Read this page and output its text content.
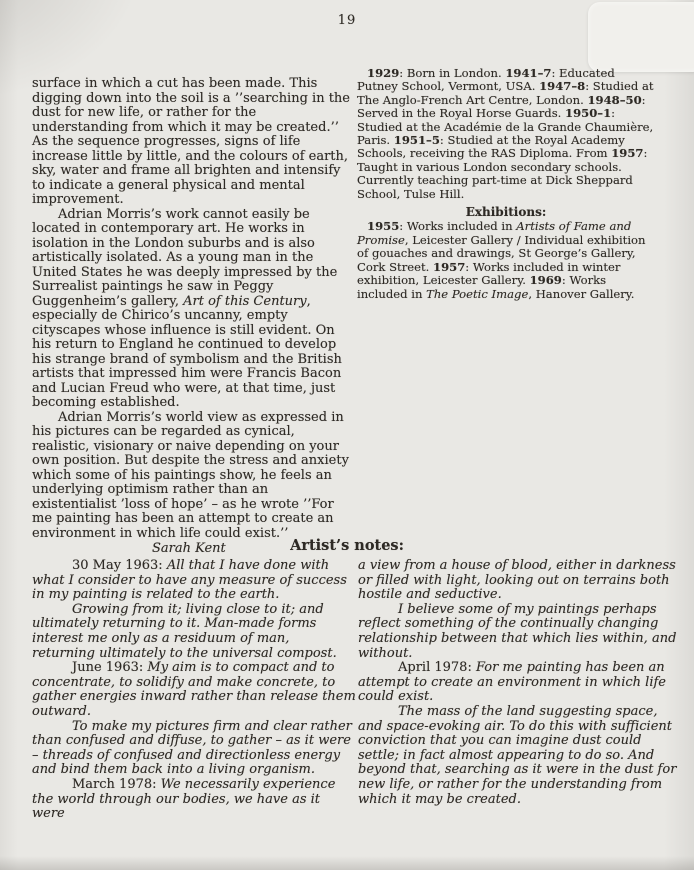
19

surface in which a cut has been made. This digging down into the soil is a ’’searching in the dust for new life, or rather for the understanding from which it may be created.’’ As the sequence progresses, signs of life increase little by little, and the colours of earth, sky, water and frame all brighten and intensify to indicate a general physical and mental improvement.

Adrian Morris’s work cannot easily be located in contemporary art. He works in isolation in the London suburbs and is also artistically isolated. As a young man in the United States he was deeply impressed by the Surrealist paintings he saw in Peggy Guggenheim’s gallery, Art of this Century, especially de Chirico’s uncanny, empty cityscapes whose influence is still evident. On his return to England he continued to develop his strange brand of symbolism and the British artists that impressed him were Francis Bacon and Lucian Freud who were, at that time, just becoming established.

Adrian Morris’s world view as expressed in his pictures can be regarded as cynical, realistic, visionary or naive depending on your own position. But despite the stress and anxiety which some of his paintings show, he feels an underlying optimism rather than an existentialist ’loss of hope’ – as he wrote ’’For me painting has been an attempt to create an environment in which life could exist.’’

Sarah Kent

1929: Born in London. 1941–7: Educated Putney School, Vermont, USA. 1947–8: Studied at The Anglo-French Art Centre, London. 1948–50: Served in the Royal Horse Guards. 1950–1: Studied at the Académie de la Grande Chaumière, Paris. 1951–5: Studied at the Royal Academy Schools, receiving the RAS Diploma. From 1957: Taught in various London secondary schools. Currently teaching part-time at Dick Sheppard School, Tulse Hill.

Exhibitions:

1955: Works included in Artists of Fame and Promise, Leicester Gallery / Individual exhibition of gouaches and drawings, St George’s Gallery, Cork Street. 1957: Works included in winter exhibition, Leicester Gallery. 1969: Works included in The Poetic Image, Hanover Gallery.

Artist’s notes:

30 May 1963: All that I have done with what I consider to have any measure of success in my painting is related to the earth.

Growing from it; living close to it; and ultimately returning to it. Man-made forms interest me only as a residuum of man, returning ultimately to the universal compost.

June 1963: My aim is to compact and to concentrate, to solidify and make concrete, to gather energies inward rather than release them outward.

To make my pictures firm and clear rather than confused and diffuse, to gather – as it were – threads of confused and directionless energy and bind them back into a living organism.

March 1978: We necessarily experience the world through our bodies, we have as it were

a view from a house of blood, either in darkness or filled with light, looking out on terrains both hostile and seductive.

I believe some of my paintings perhaps reflect something of the continually changing relationship between that which lies within, and without.

April 1978: For me painting has been an attempt to create an environment in which life could exist.

The mass of the land suggesting space, and space-evoking air. To do this with sufficient conviction that you can imagine dust could settle; in fact almost appearing to do so. And beyond that, searching as it were in the dust for new life, or rather for the understanding from which it may be created.
